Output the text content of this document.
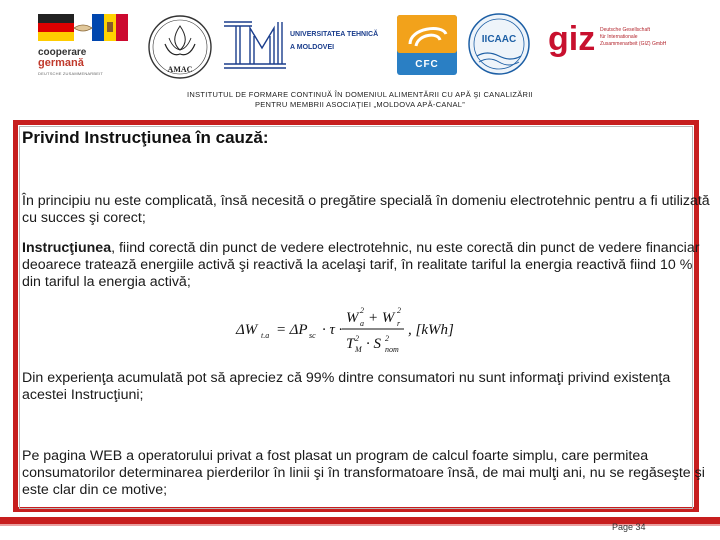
cooperare
germană
DEUTSCHE ZUSAMMENARBEIT	AMAC
UNIVERSITATEA TEHNICĂ
A MOLDOVEI
CFC
IICAAC giz Deutsche Gesellschaft
für Internationale
Zusammenarbeit (GIZ) GmbH
INSTITUTUL DE FORMARE CONTINUĂ ÎN DOMENIUL ALIMENTĂRII CU APĂ ŞI CANALIZĂRII
PENTRU MEMBRII ASOCIAŢIEI „MOLDOVA APĂ-CANAL”
Privind Instrucţiunea în cauză:
În principiu nu este complicată, însă necesită o pregătire specială în domeniu electrotehnic pentru a fi utilizată cu succes şi corect;
Instrucţiunea, fiind corectă din punct de vedere electrotehnic, nu este corectă din punct de vedere financiar deoarece tratează energiile activă şi reactivă la acelaşi tarif, în realitate tariful la energia reactivă fiind 10 % din tariful la energia activă;
ΔW t.a = ΔP sc · τ ·
W a
2 + W r
2
T M
2 · S nom
2
, [kWh]
Din experienţa acumulată pot să apreciez că 99% dintre consumatori nu sunt informaţi privind existenţa acestei Instrucţiuni;
Pe pagina WEB a operatorului privat a fost plasat un program de calcul foarte simplu, care permitea consumatorilor determinarea pierderilor în linii şi în transformatoare însă, de mai mulţi ani, nu se regăseşte şi este clar din ce motive;
Page 34
